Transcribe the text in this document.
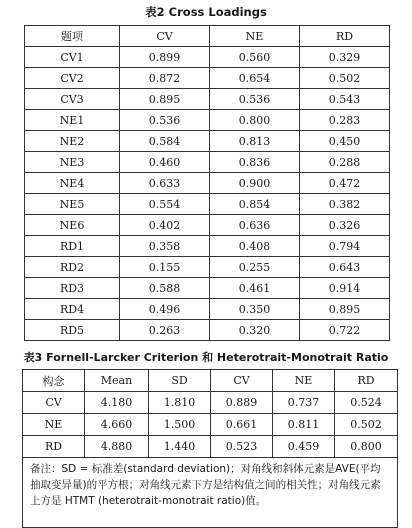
表2 Cross Loadings
题项	CV	NE	RD
CV1	0.899	0.560	0.329
CV2	0.872	0.654	0.502
CV3	0.895	0.536	0.543
NE1	0.536	0.800	0.283
NE2	0.584	0.813	0.450
NE3	0.460	0.836	0.288
NE4	0.633	0.900	0.472
NE5	0.554	0.854	0.382
NE6	0.402	0.636	0.326
RD1	0.358	0.408	0.794
RD2	0.155	0.255	0.643
RD3	0.588	0.461	0.914
RD4	0.496	0.350	0.895
RD5	0.263	0.320	0.722
表3 Fornell-Larcker Criterion 和 Heterotrait-Monotrait Ratio
构念	Mean	SD	CV	NE	RD
CV	4.180	1.810	0.889	0.737	0.524
NE	4.660	1.500	0.661	0.811	0.502
RD	4.880	1.440	0.523	0.459	0.800
备注：SD = 标准差(standard deviation)；对角线和斜体元素是AVE(平均抽取变异量)的平方根；对角线元素下方是结构值之间的相关性；对角线元素上方是 HTMT (heterotrait-monotrait ratio)值。					
